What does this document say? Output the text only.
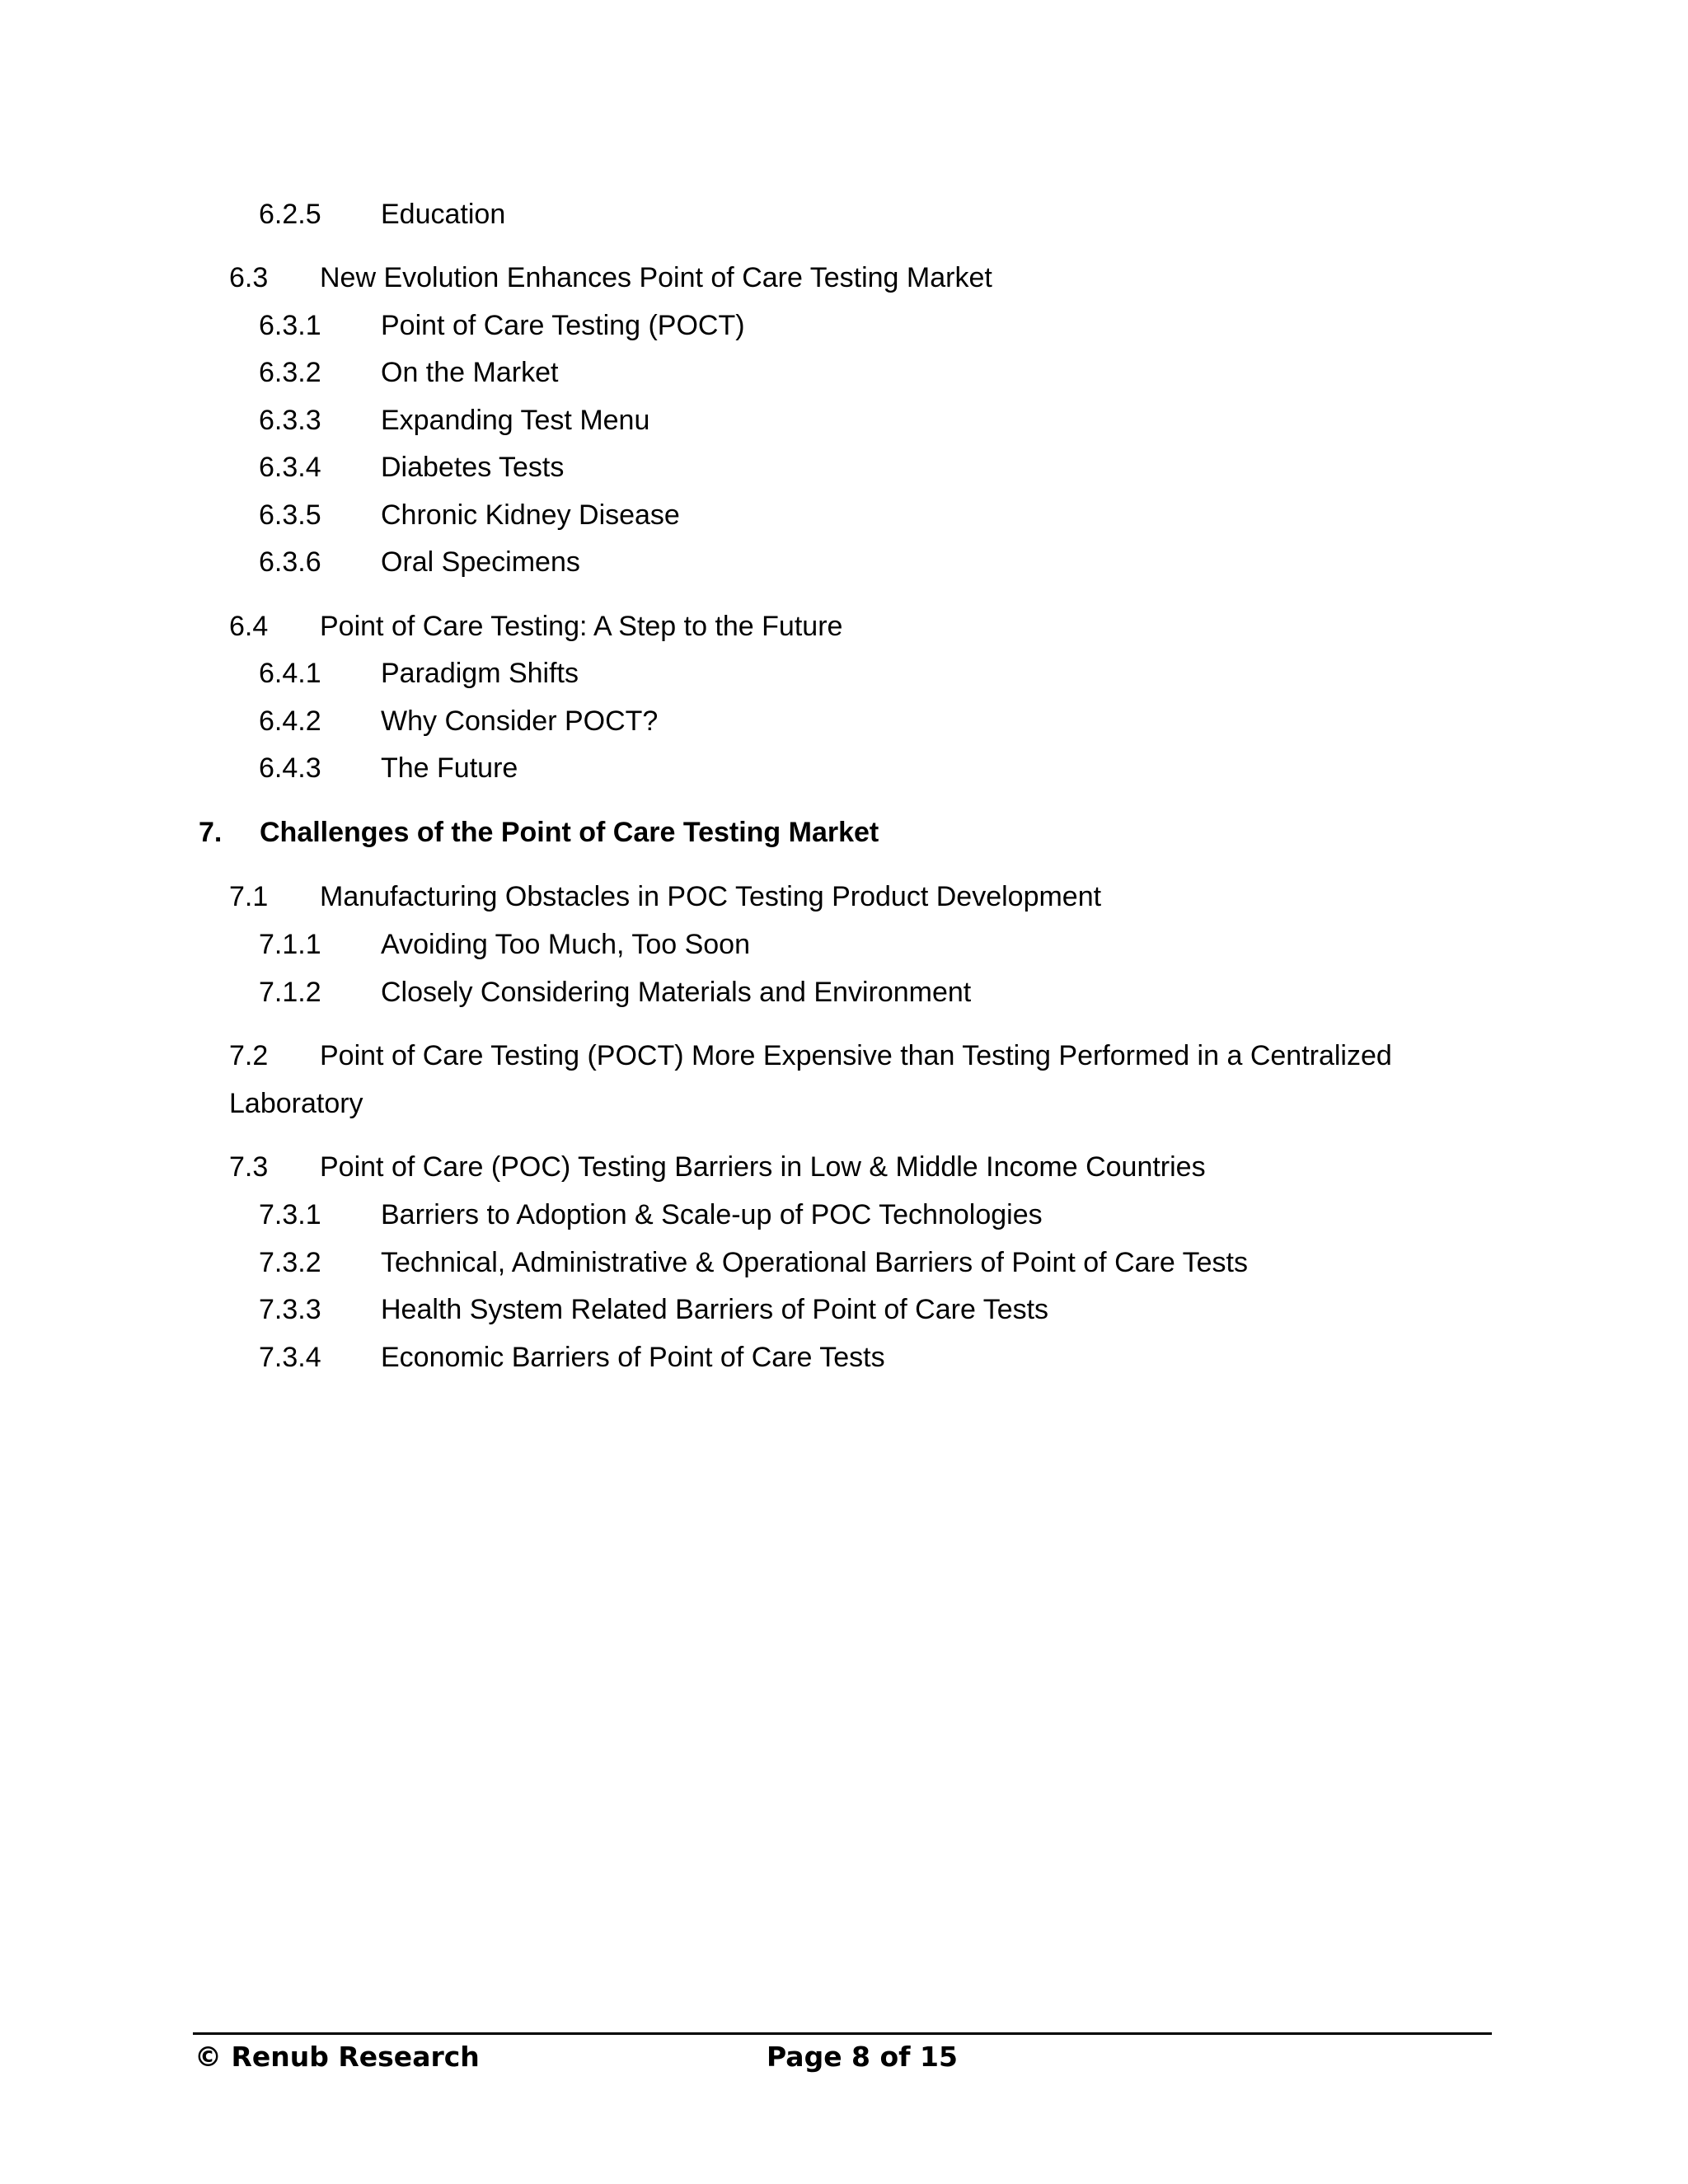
6.2.5 Education
6.3 New Evolution Enhances Point of Care Testing Market
6.3.1 Point of Care Testing (POCT)
6.3.2 On the Market
6.3.3 Expanding Test Menu
6.3.4 Diabetes Tests
6.3.5 Chronic Kidney Disease
6.3.6 Oral Specimens
6.4 Point of Care Testing: A Step to the Future
6.4.1 Paradigm Shifts
6.4.2 Why Consider POCT?
6.4.3 The Future
7. Challenges of the Point of Care Testing Market
7.1 Manufacturing Obstacles in POC Testing Product Development
7.1.1 Avoiding Too Much, Too Soon
7.1.2 Closely Considering Materials and Environment
7.2 Point of Care Testing (POCT) More Expensive than Testing Performed in a Centralized Laboratory
7.3 Point of Care (POC) Testing Barriers in Low & Middle Income Countries
7.3.1 Barriers to Adoption & Scale-up of POC Technologies
7.3.2 Technical, Administrative & Operational Barriers of Point of Care Tests
7.3.3 Health System Related Barriers of Point of Care Tests
7.3.4 Economic Barriers of Point of Care Tests
© Renub Research	Page 8 of 15
